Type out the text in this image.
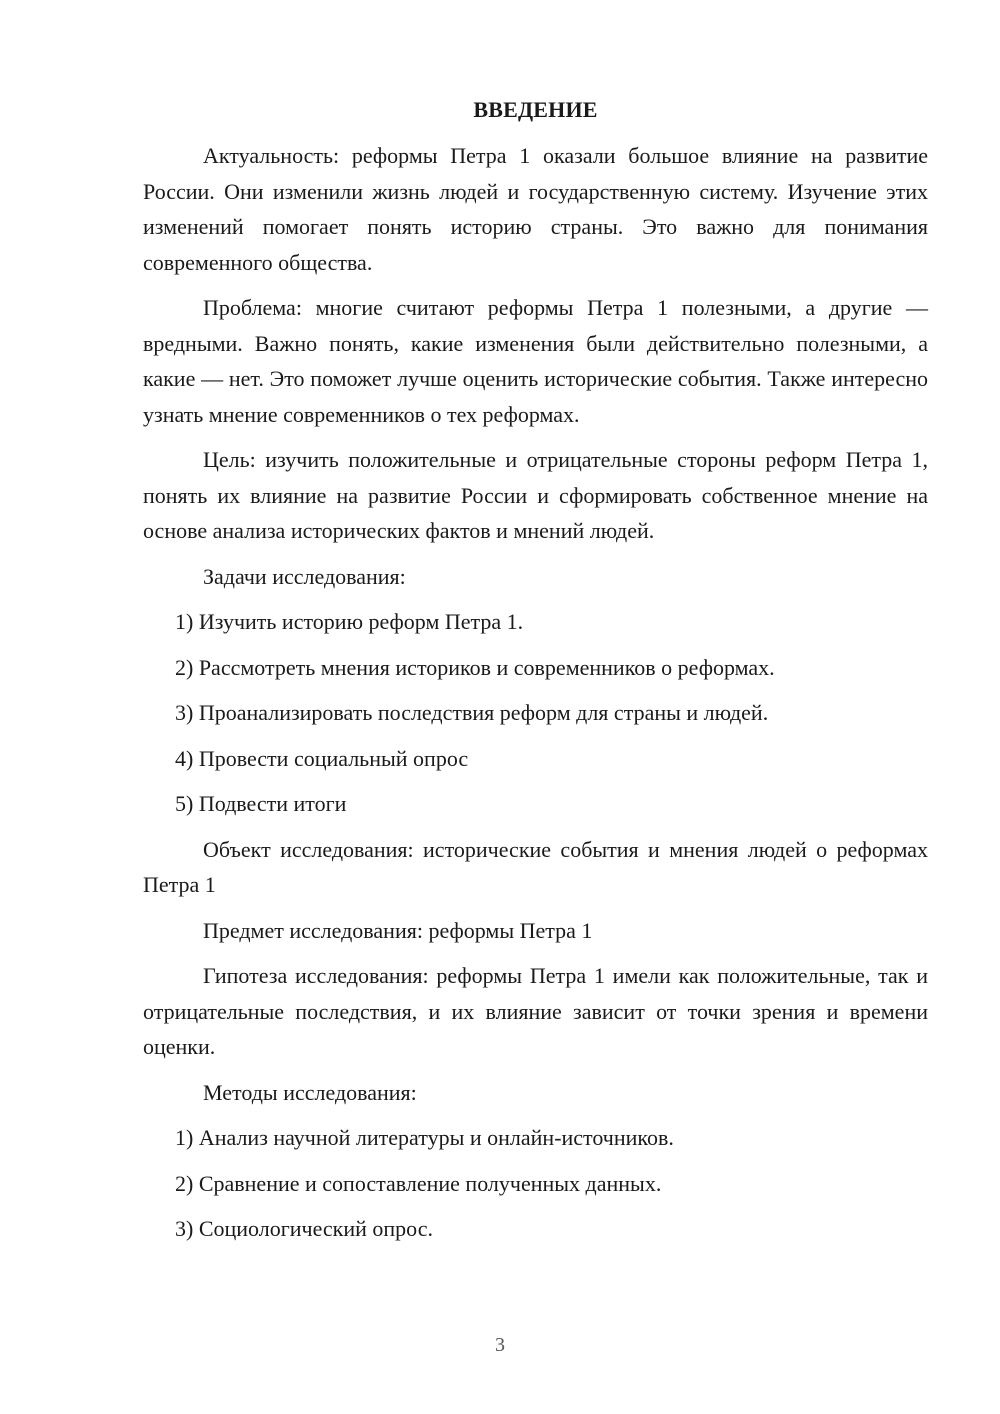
ВВЕДЕНИЕ

Актуальность: реформы Петра 1 оказали большое влияние на развитие России. Они изменили жизнь людей и государственную систему. Изучение этих изменений помогает понять историю страны. Это важно для понимания современного общества.

Проблема: многие считают реформы Петра 1 полезными, а другие — вредными. Важно понять, какие изменения были действительно полезными, а какие — нет. Это поможет лучше оценить исторические события. Также интересно узнать мнение современников о тех реформах.

Цель: изучить положительные и отрицательные стороны реформ Петра 1, понять их влияние на развитие России и сформировать собственное мнение на основе анализа исторических фактов и мнений людей.

Задачи исследования:

1) Изучить историю реформ Петра 1.
2) Рассмотреть мнения историков и современников о реформах.
3) Проанализировать последствия реформ для страны и людей.
4) Провести социальный опрос
5) Подвести итоги

Объект исследования: исторические события и мнения людей о реформах Петра 1

Предмет исследования: реформы Петра 1

Гипотеза исследования: реформы Петра 1 имели как положительные, так и отрицательные последствия, и их влияние зависит от точки зрения и времени оценки.

Методы исследования:

1) Анализ научной литературы и онлайн-источников.
2) Сравнение и сопоставление полученных данных.
3) Социологический опрос.
3
